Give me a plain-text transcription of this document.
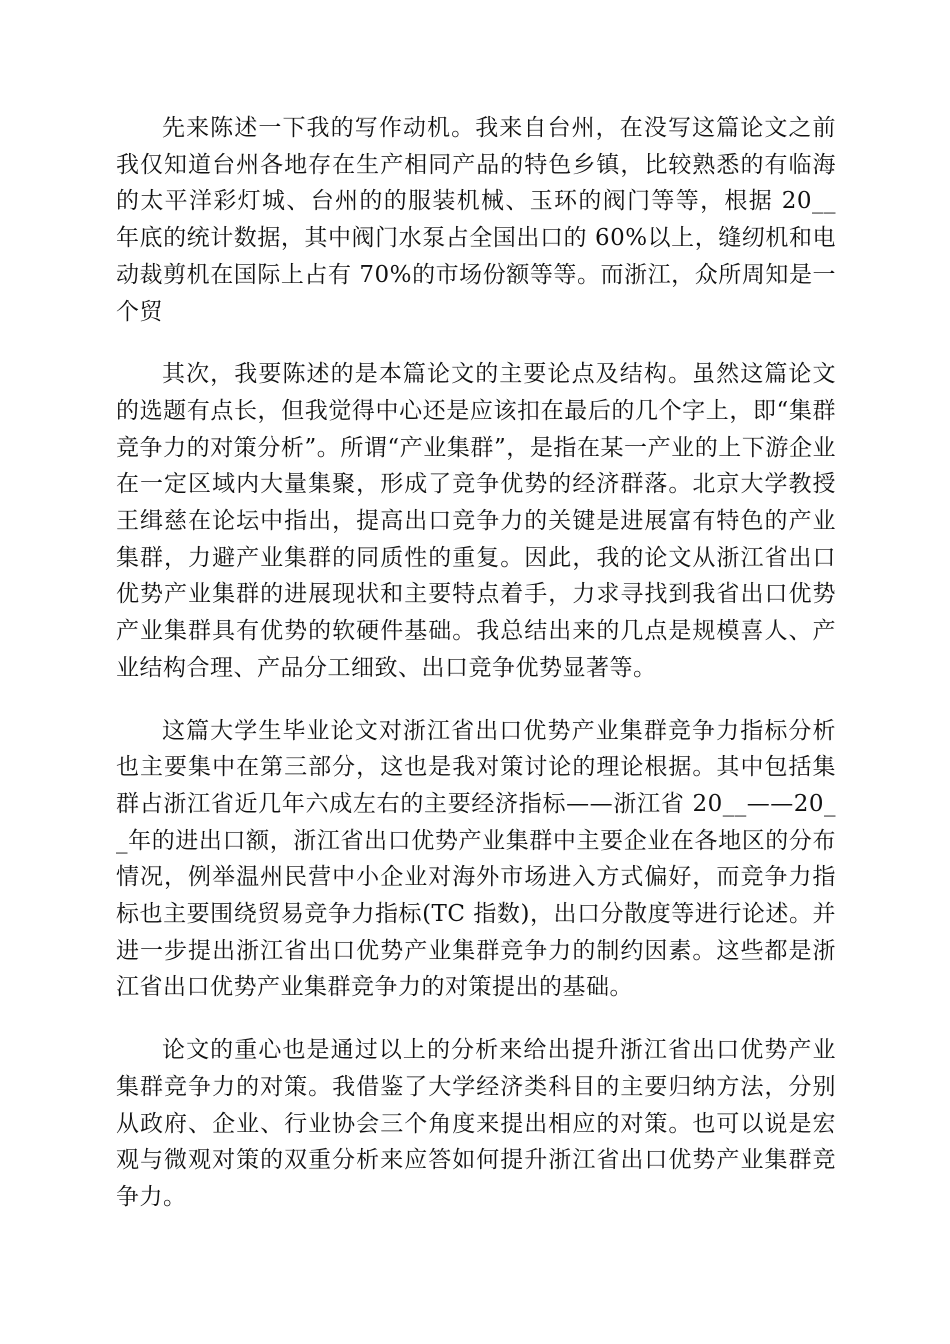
先来陈述一下我的写作动机。我来自台州，在没写这篇论文之前我仅知道台州各地存在生产相同产品的特色乡镇，比较熟悉的有临海的太平洋彩灯城、台州的的服装机械、玉环的阀门等等，根据 20__年底的统计数据，其中阀门水泵占全国出口的 60%以上，缝纫机和电动裁剪机在国际上占有 70%的市场份额等等。而浙江，众所周知是一个贸

其次，我要陈述的是本篇论文的主要论点及结构。虽然这篇论文的选题有点长，但我觉得中心还是应该扣在最后的几个字上，即“集群竞争力的对策分析”。所谓“产业集群”，是指在某一产业的上下游企业在一定区域内大量集聚，形成了竞争优势的经济群落。北京大学教授王缉慈在论坛中指出，提高出口竞争力的关键是进展富有特色的产业集群，力避产业集群的同质性的重复。因此，我的论文从浙江省出口优势产业集群的进展现状和主要特点着手，力求寻找到我省出口优势产业集群具有优势的软硬件基础。我总结出来的几点是规模喜人、产业结构合理、产品分工细致、出口竞争优势显著等。

这篇大学生毕业论文对浙江省出口优势产业集群竞争力指标分析也主要集中在第三部分，这也是我对策讨论的理论根据。其中包括集群占浙江省近几年六成左右的主要经济指标——浙江省 20__——20__年的进出口额，浙江省出口优势产业集群中主要企业在各地区的分布情况，例举温州民营中小企业对海外市场进入方式偏好，而竞争力指标也主要围绕贸易竞争力指标(TC 指数)，出口分散度等进行论述。并进一步提出浙江省出口优势产业集群竞争力的制约因素。这些都是浙江省出口优势产业集群竞争力的对策提出的基础。

论文的重心也是通过以上的分析来给出提升浙江省出口优势产业集群竞争力的对策。我借鉴了大学经济类科目的主要归纳方法，分别从政府、企业、行业协会三个角度来提出相应的对策。也可以说是宏观与微观对策的双重分析来应答如何提升浙江省出口优势产业集群竞争力。
